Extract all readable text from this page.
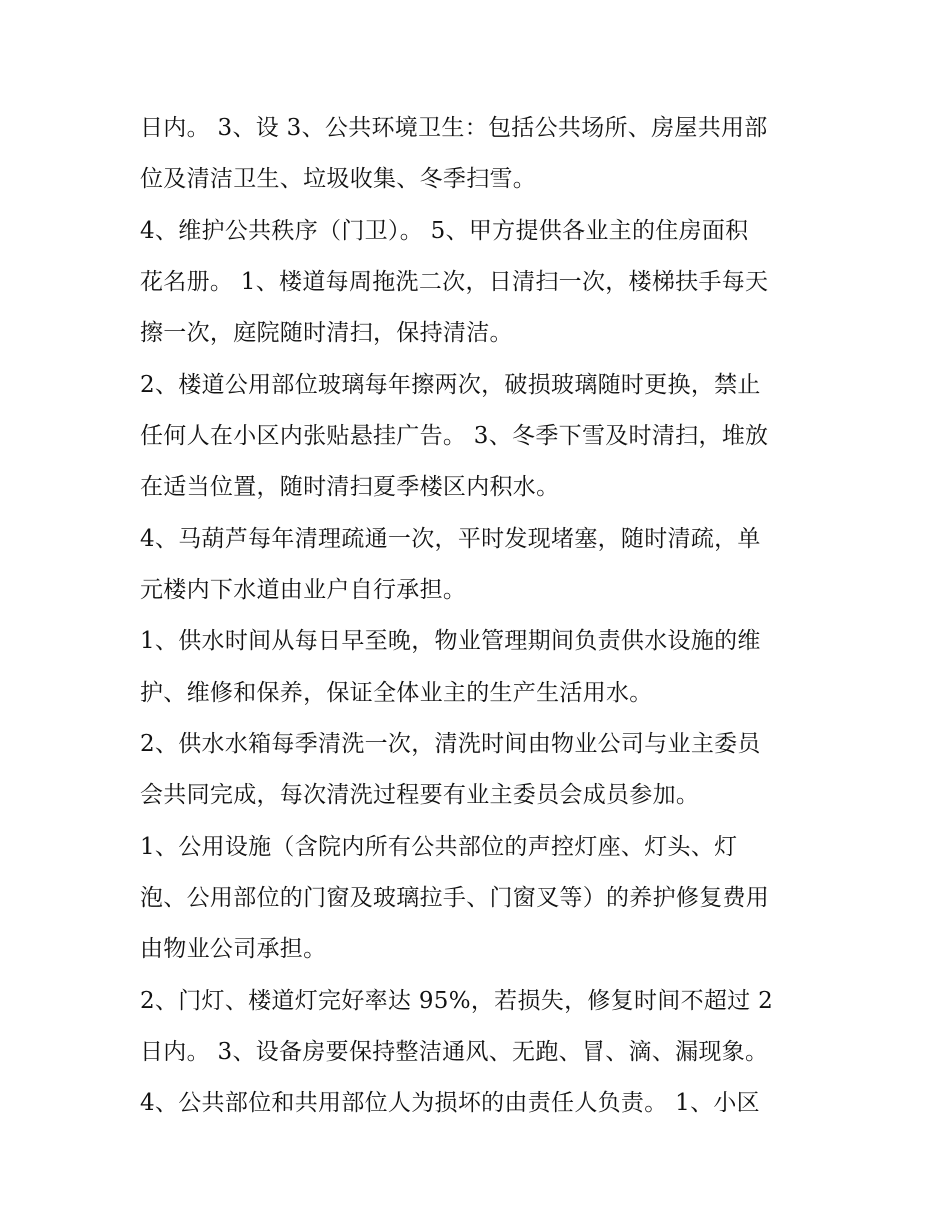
日内。 3、设 3、公共环境卫生：包括公共场所、房屋共用部
位及清洁卫生、垃圾收集、冬季扫雪。
4、维护公共秩序（门卫）。 5、甲方提供各业主的住房面积
花名册。 1、楼道每周拖洗二次，日清扫一次，楼梯扶手每天
擦一次，庭院随时清扫，保持清洁。
2、楼道公用部位玻璃每年擦两次，破损玻璃随时更换，禁止
任何人在小区内张贴悬挂广告。 3、冬季下雪及时清扫，堆放
在适当位置，随时清扫夏季楼区内积水。
4、马葫芦每年清理疏通一次，平时发现堵塞，随时清疏，单
元楼内下水道由业户自行承担。
1、供水时间从每日早至晚，物业管理期间负责供水设施的维
护、维修和保养，保证全体业主的生产生活用水。
2、供水水箱每季清洗一次，清洗时间由物业公司与业主委员
会共同完成，每次清洗过程要有业主委员会成员参加。
1、公用设施（含院内所有公共部位的声控灯座、灯头、灯
泡、公用部位的门窗及玻璃拉手、门窗叉等）的养护修复费用
由物业公司承担。
2、门灯、楼道灯完好率达 95%，若损失，修复时间不超过 2
日内。 3、设备房要保持整洁通风、无跑、冒、滴、漏现象。
4、公共部位和共用部位人为损坏的由责任人负责。 1、小区
